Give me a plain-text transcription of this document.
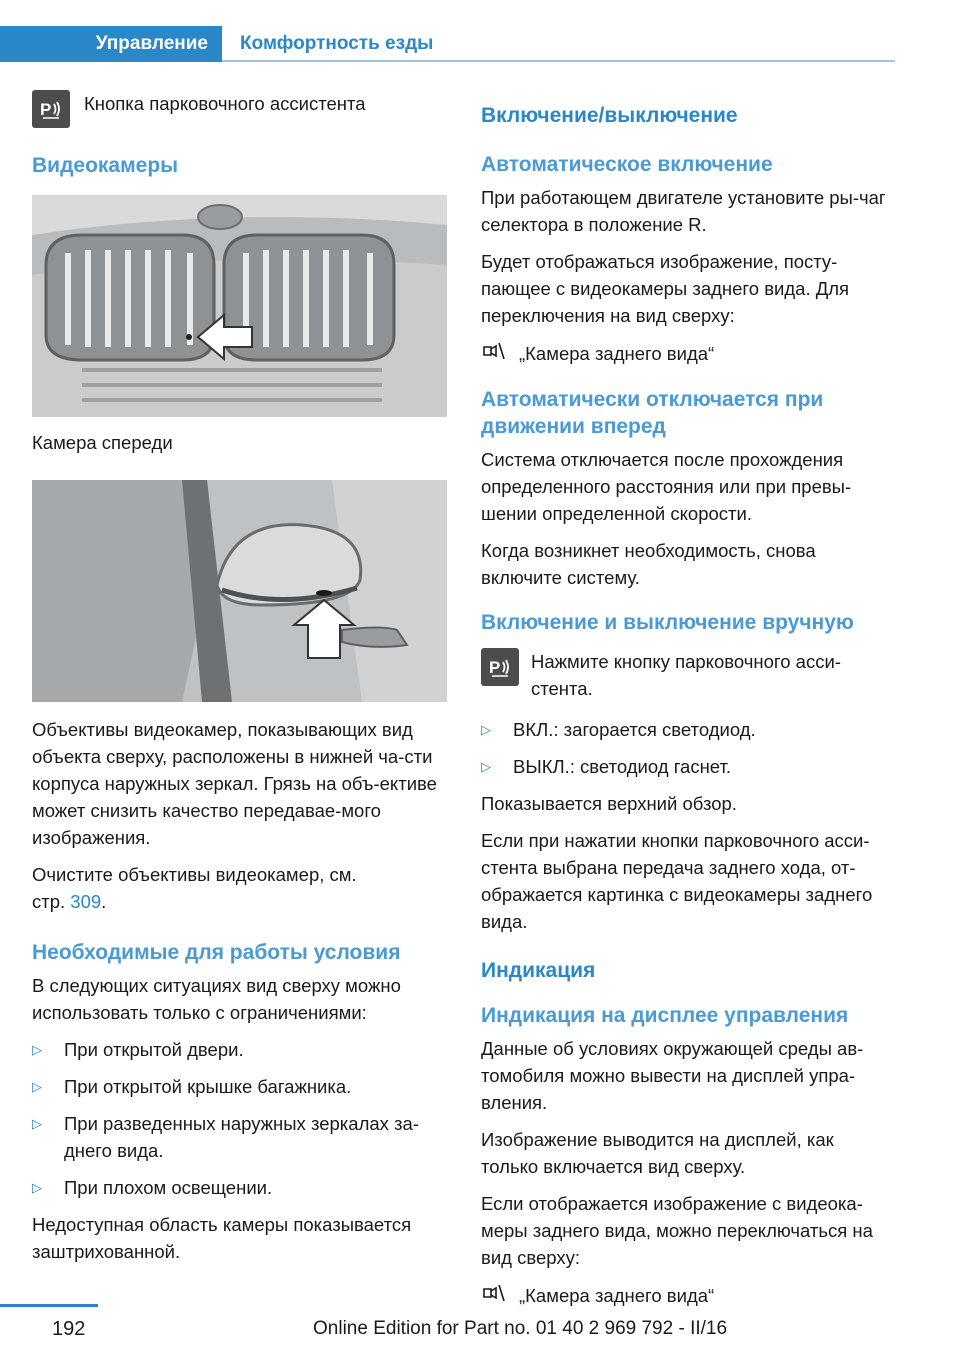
Управление	Комфортность езды
P Кнопка парковочного ассистента

Видеокамеры

Камера спереди

Объективы видеокамер, показывающих вид объекта сверху, расположены в нижней ча-сти корпуса наружных зеркал. Грязь на объ-ективе может снизить качество передавае-мого изображения.

Очистите объективы видеокамер, см.
стр. 309.

Необходимые для работы условия

В следующих ситуациях вид сверху можно использовать только с ограничениями:

▷	При открытой двери.
▷	При открытой крышке багажника.
▷	При разведенных наружных зеркалах за-днего вида.
▷	При плохом освещении.

Недоступная область камеры показывается заштрихованной.

Включение/выключение
Автоматическое включение

При работающем двигателе установите ры-чаг селектора в положение R.

Будет отображаться изображение, посту-пающее с видеокамеры заднего вида. Для переключения на вид сверху:

„Камера заднего вида“
Автоматически отключается при движении вперед

Система отключается после прохождения определенного расстояния или при превы-шении определенной скорости.

Когда возникнет необходимость, снова включите систему.

Включение и выключение вручную
P Нажмите кнопку парковочного асси-стента.

▷	ВКЛ.: загорается светодиод.
▷	ВЫКЛ.: светодиод гаснет.

Показывается верхний обзор.

Если при нажатии кнопки парковочного асси-стента выбрана передача заднего хода, от-ображается картинка с видеокамеры заднего вида.

Индикация
Индикация на дисплее управления

Данные об условиях окружающей среды ав-томобиля можно вывести на дисплей упра-вления.

Изображение выводится на дисплей, как только включается вид сверху.

Если отображается изображение с видеока-меры заднего вида, можно переключаться на вид сверху:

„Камера заднего вида“
192	Online Edition for Part no. 01 40 2 969 792 - II/16
